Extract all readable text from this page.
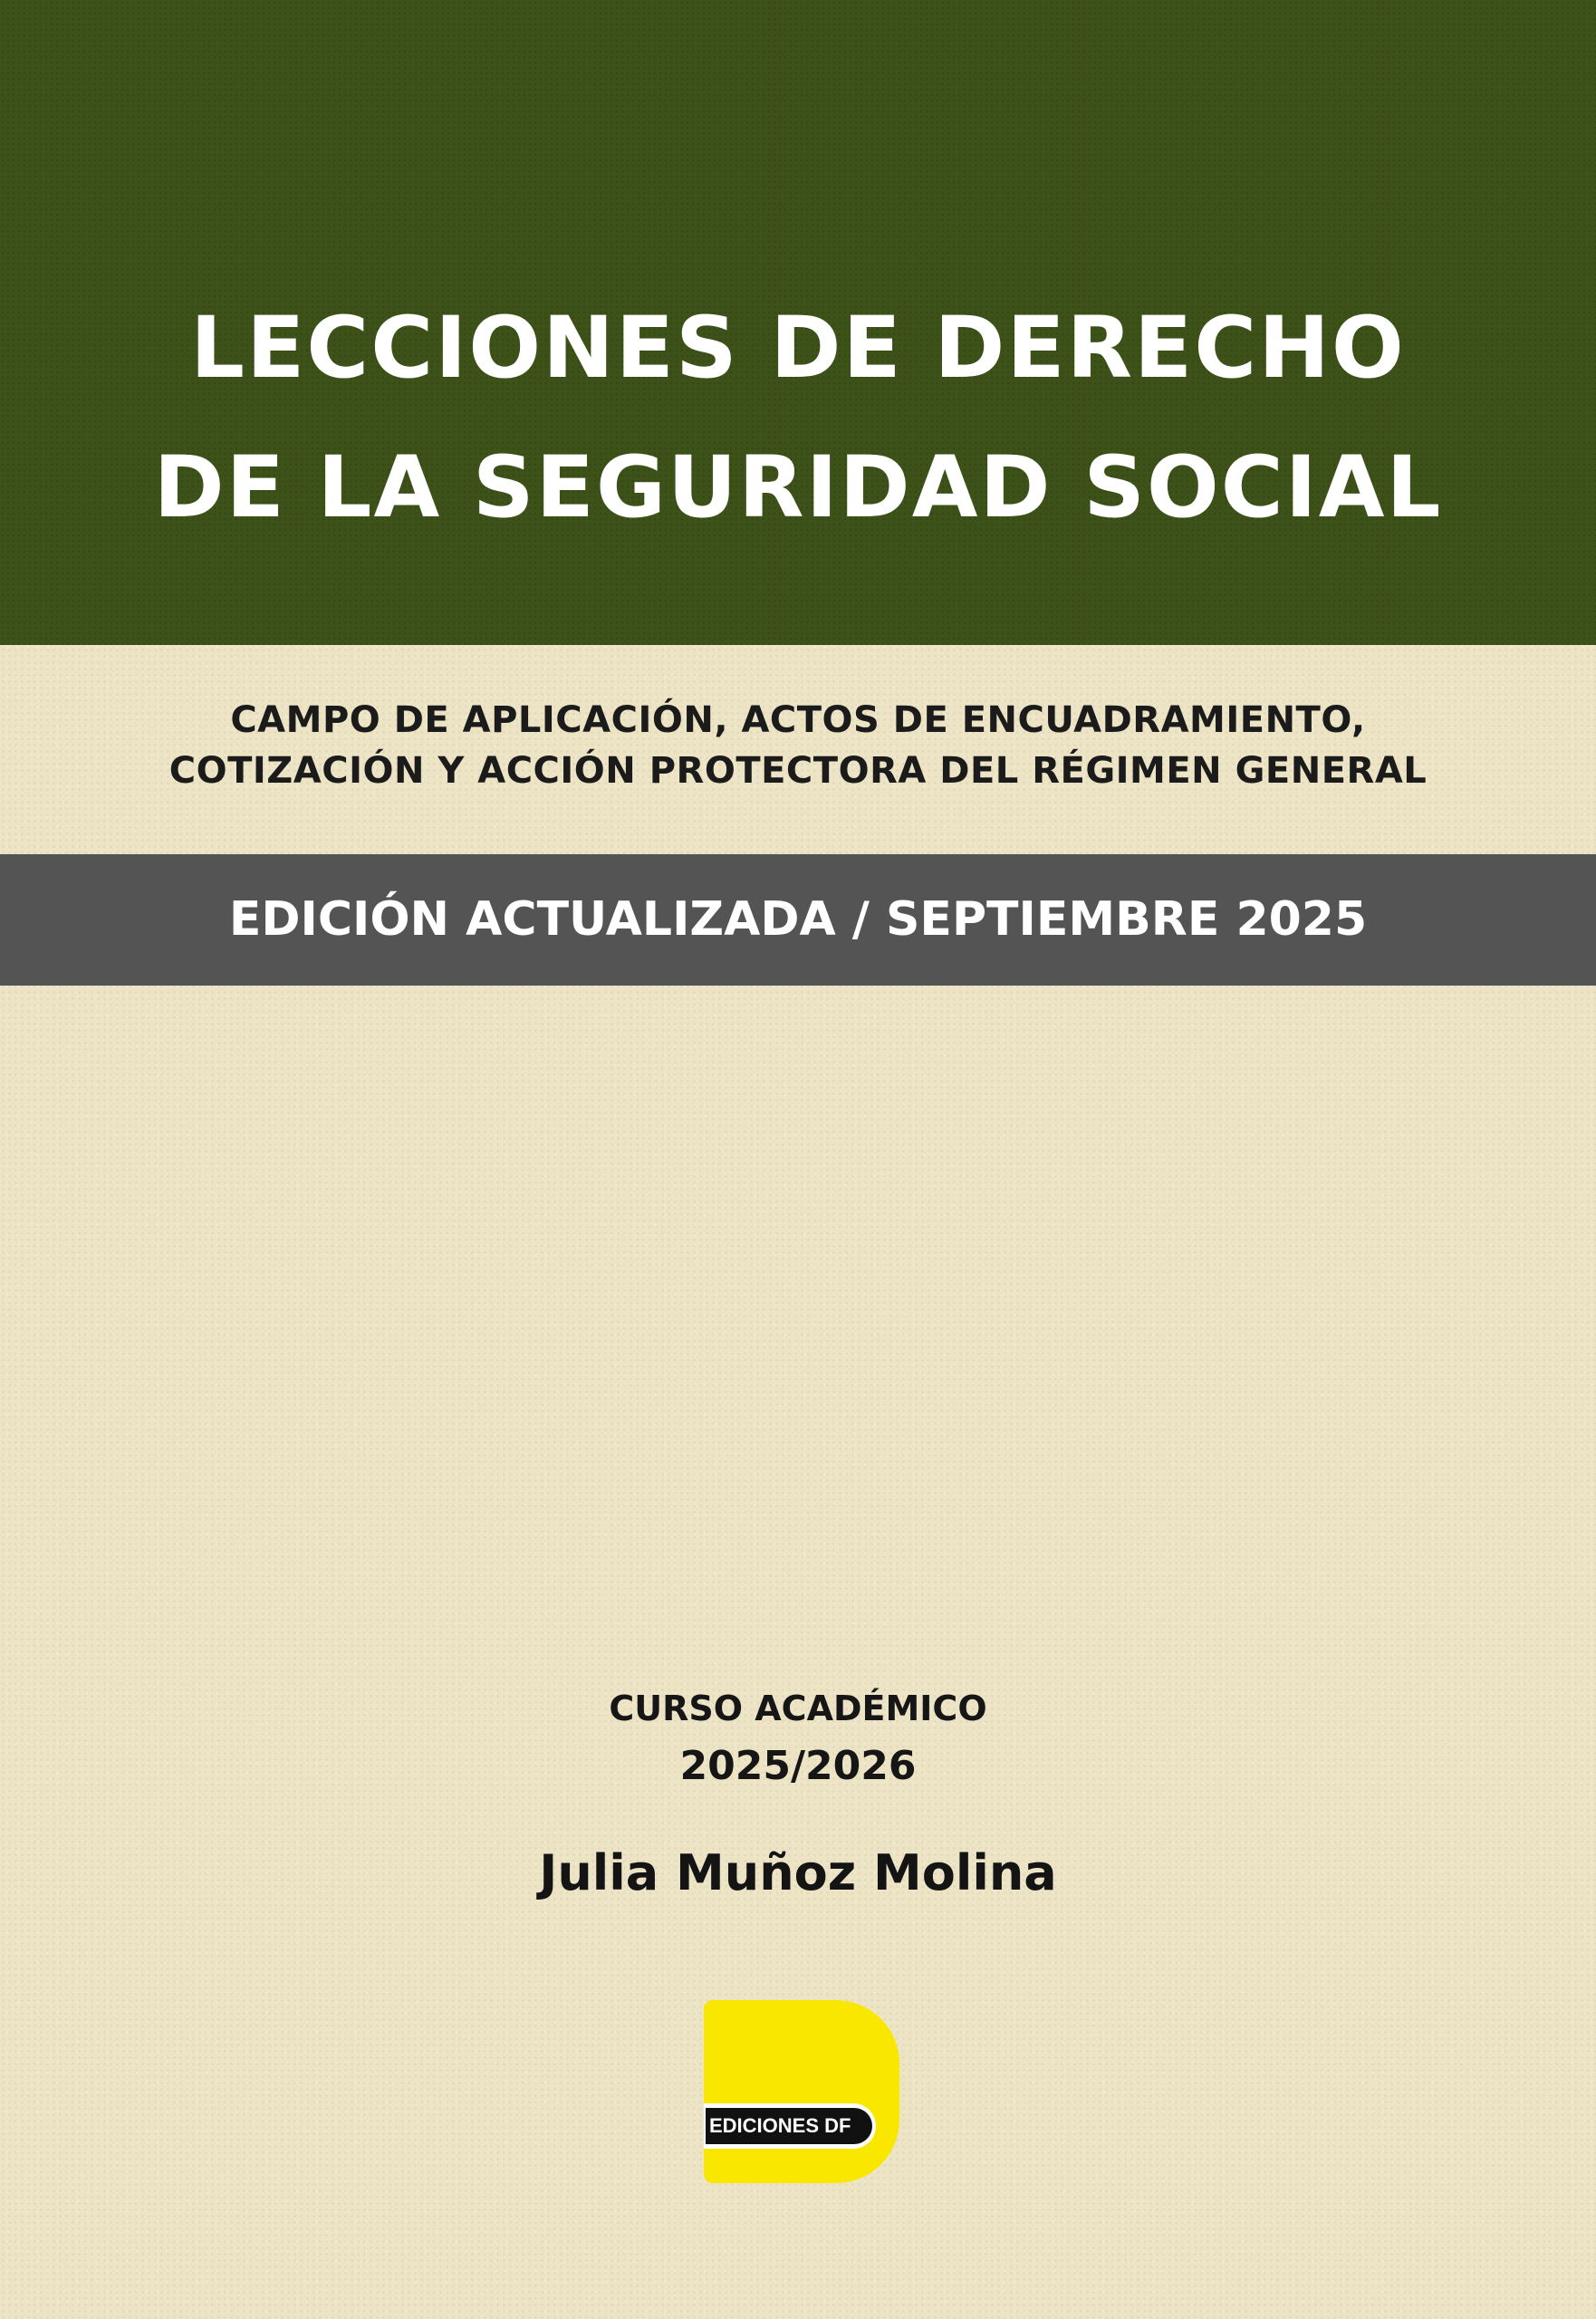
LECCIONES DE DERECHO
DE LA SEGURIDAD SOCIAL
CAMPO DE APLICACIÓN, ACTOS DE ENCUADRAMIENTO,
COTIZACIÓN Y ACCIÓN PROTECTORA DEL RÉGIMEN GENERAL
EDICIÓN ACTUALIZADA / SEPTIEMBRE 2025
CURSO ACADÉMICO
2025/2026
Julia Muñoz Molina
EDICIONES DF
